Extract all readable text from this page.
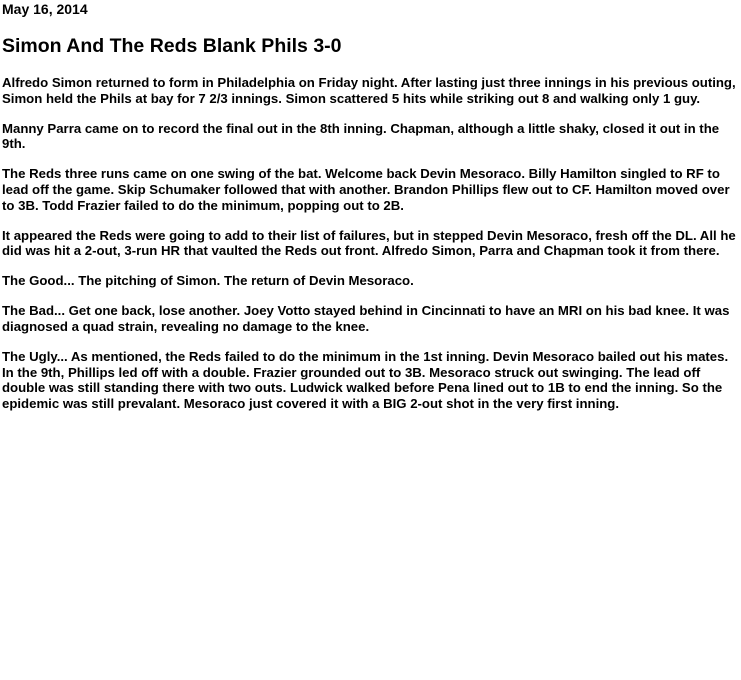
May 16, 2014
Simon And The Reds Blank Phils 3-0

Alfredo Simon returned to form in Philadelphia on Friday night. After lasting just three innings in his previous outing, Simon held the Phils at bay for 7 2/3 innings. Simon scattered 5 hits while striking out 8 and walking only 1 guy.

Manny Parra came on to record the final out in the 8th inning. Chapman, although a little shaky, closed it out in the 9th.

The Reds three runs came on one swing of the bat. Welcome back Devin Mesoraco. Billy Hamilton singled to RF to lead off the game. Skip Schumaker followed that with another. Brandon Phillips flew out to CF. Hamilton moved over to 3B. Todd Frazier failed to do the minimum, popping out to 2B.

It appeared the Reds were going to add to their list of failures, but in stepped Devin Mesoraco, fresh off the DL. All he did was hit a 2-out, 3-run HR that vaulted the Reds out front. Alfredo Simon, Parra and Chapman took it from there.

The Good... The pitching of Simon. The return of Devin Mesoraco.

The Bad... Get one back, lose another. Joey Votto stayed behind in Cincinnati to have an MRI on his bad knee. It was diagnosed a quad strain, revealing no damage to the knee.

The Ugly... As mentioned, the Reds failed to do the minimum in the 1st inning. Devin Mesoraco bailed out his mates. In the 9th, Phillips led off with a double. Frazier grounded out to 3B. Mesoraco struck out swinging. The lead off double was still standing there with two outs. Ludwick walked before Pena lined out to 1B to end the inning. So the epidemic was still prevalant. Mesoraco just covered it with a BIG 2-out shot in the very first inning.
